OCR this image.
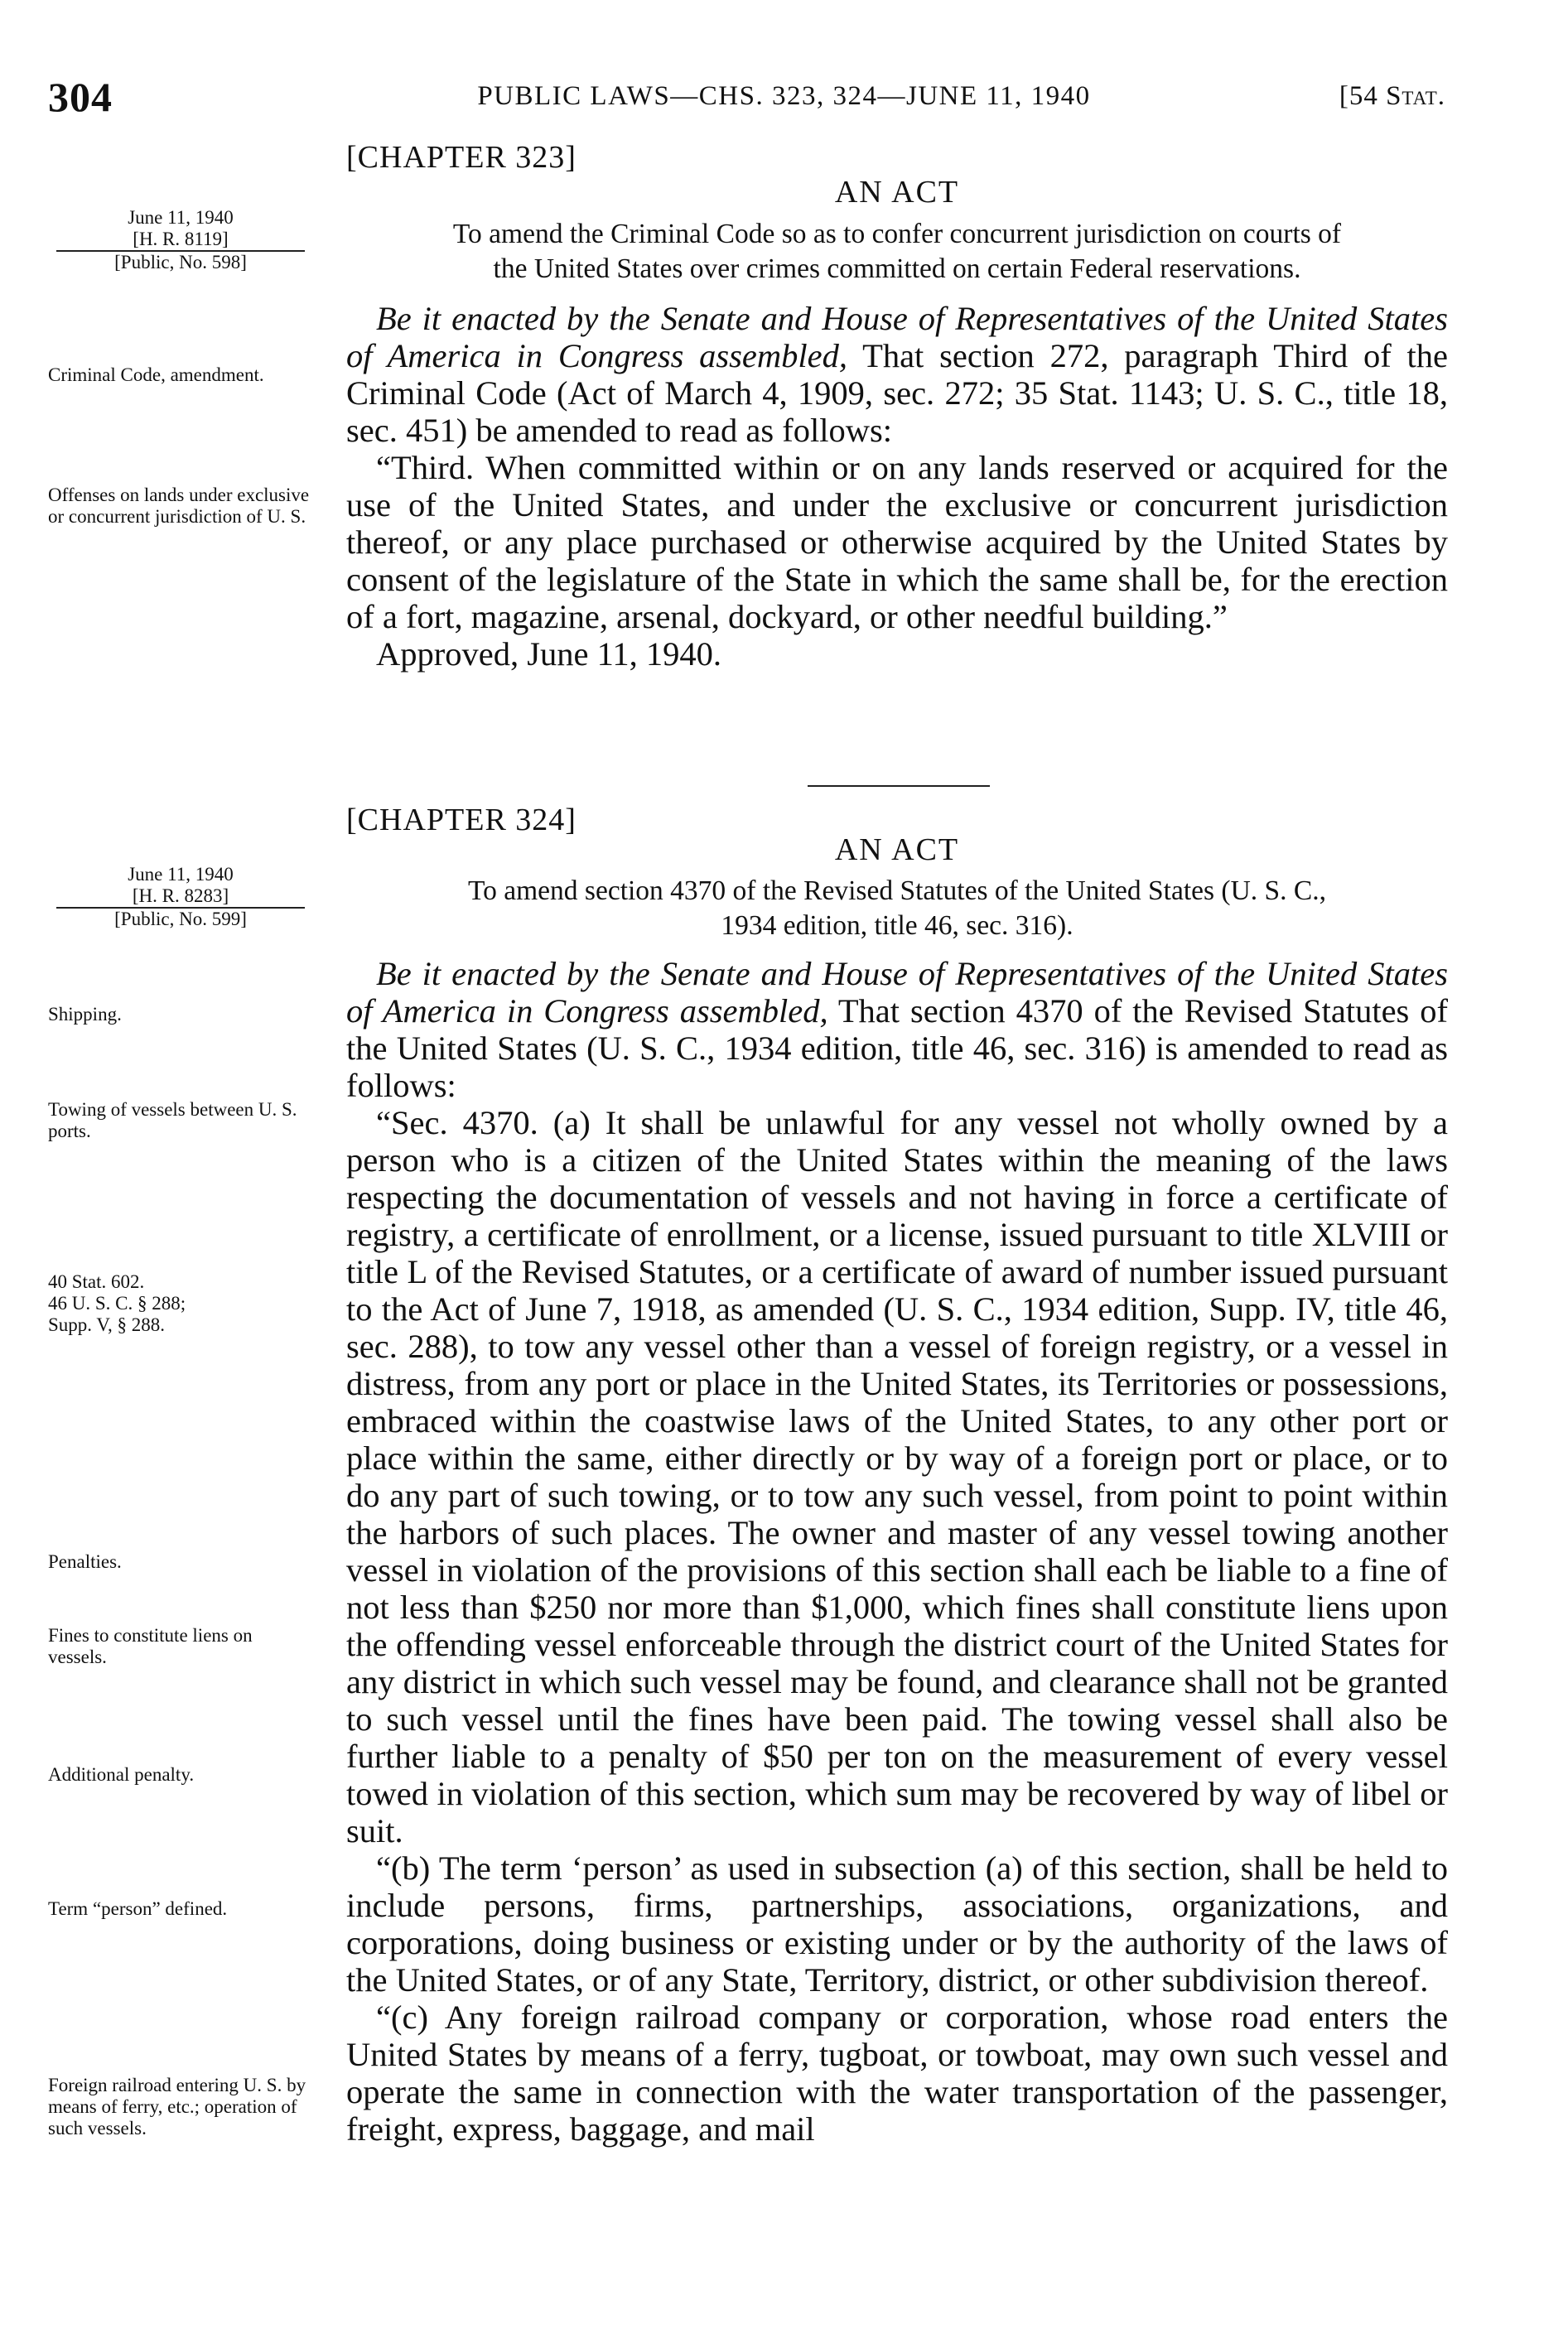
304	PUBLIC LAWS—CHS. 323, 324—JUNE 11, 1940	[54 Stat.
[CHAPTER 323]
AN ACT
To amend the Criminal Code so as to confer concurrent jurisdiction on courts of
the United States over crimes committed on certain Federal reservations.

Be it enacted by the Senate and House of Representatives of the United States of America in Congress assembled, That section 272, paragraph Third of the Criminal Code (Act of March 4, 1909, sec. 272; 35 Stat. 1143; U. S. C., title 18, sec. 451) be amended to read as follows:

“Third. When committed within or on any lands reserved or acquired for the use of the United States, and under the exclusive or concurrent jurisdiction thereof, or any place purchased or otherwise acquired by the United States by consent of the legislature of the State in which the same shall be, for the erection of a fort, magazine, arsenal, dockyard, or other needful building.”

Approved, June 11, 1940.

[CHAPTER 324]
AN ACT
To amend section 4370 of the Revised Statutes of the United States (U. S. C.,
1934 edition, title 46, sec. 316).

Be it enacted by the Senate and House of Representatives of the United States of America in Congress assembled, That section 4370 of the Revised Statutes of the United States (U. S. C., 1934 edition, title 46, sec. 316) is amended to read as follows:

“Sec. 4370. (a) It shall be unlawful for any vessel not wholly owned by a person who is a citizen of the United States within the meaning of the laws respecting the documentation of vessels and not having in force a certificate of registry, a certificate of enrollment, or a license, issued pursuant to title XLVIII or title L of the Revised Statutes, or a certificate of award of number issued pursuant to the Act of June 7, 1918, as amended (U. S. C., 1934 edition, Supp. IV, title 46, sec. 288), to tow any vessel other than a vessel of foreign registry, or a vessel in distress, from any port or place in the United States, its Territories or possessions, embraced within the coastwise laws of the United States, to any other port or place within the same, either directly or by way of a foreign port or place, or to do any part of such towing, or to tow any such vessel, from point to point within the harbors of such places. The owner and master of any vessel towing another vessel in violation of the provisions of this section shall each be liable to a fine of not less than $250 nor more than $1,000, which fines shall constitute liens upon the offending vessel enforceable through the district court of the United States for any district in which such vessel may be found, and clearance shall not be granted to such vessel until the fines have been paid. The towing vessel shall also be further liable to a penalty of $50 per ton on the measurement of every vessel towed in violation of this section, which sum may be recovered by way of libel or suit.

“(b) The term ‘person’ as used in subsection (a) of this section, shall be held to include persons, firms, partnerships, associations, organizations, and corporations, doing business or existing under or by the authority of the laws of the United States, or of any State, Territory, district, or other subdivision thereof.

“(c) Any foreign railroad company or corporation, whose road enters the United States by means of a ferry, tugboat, or towboat, may own such vessel and operate the same in connection with the water transportation of the passenger, freight, express, baggage, and mail

June 11, 1940
[H. R. 8119]
[Public, No. 598]
Criminal Code, amendment.
Offenses on lands under exclusive or concurrent jurisdiction of U. S.
June 11, 1940
[H. R. 8283]
[Public, No. 599]
Shipping.
Towing of vessels between U. S. ports.
40 Stat. 602.
46 U. S. C. § 288;
Supp. V, § 288.
Penalties.
Fines to constitute liens on vessels.
Additional penalty.
Term “person” defined.
Foreign railroad entering U. S. by means of ferry, etc.; operation of such vessels.
